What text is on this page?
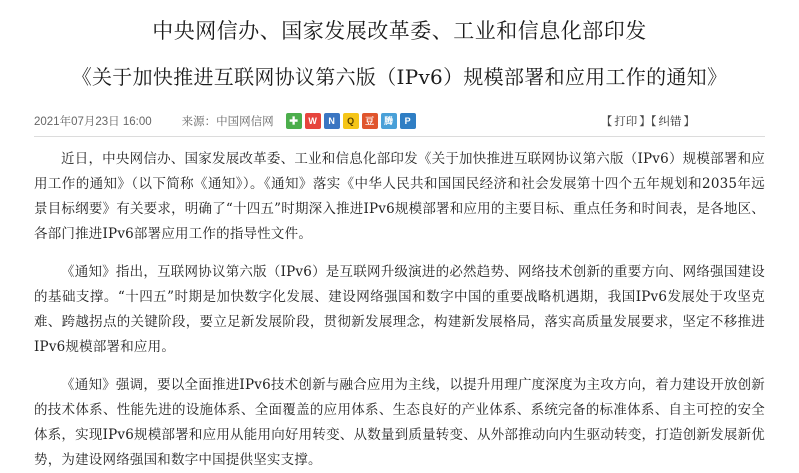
中央网信办、国家发展改革委、工业和信息化部印发
《关于加快推进互联网协议第六版（IPv6）规模部署和应用工作的通知》
2021年07月23日 16:00	来源：中国网信网	✚	W	N	Q	豆	腾	P	【 打印 】【 纠错 】

近日，中央网信办、国家发展改革委、工业和信息化部印发《关于加快推进互联网协议第六版（IPv6）规模部署和应用工作的通知》（以下简称《通知》）。《通知》落实《中华人民共和国国民经济和社会发展第十四个五年规划和2035年远景目标纲要》有关要求，明确了“十四五”时期深入推进IPv6规模部署和应用的主要目标、重点任务和时间表，是各地区、各部门推进IPv6部署应用工作的指导性文件。

《通知》指出，互联网协议第六版（IPv6）是互联网升级演进的必然趋势、网络技术创新的重要方向、网络强国建设的基础支撑。“十四五”时期是加快数字化发展、建设网络强国和数字中国的重要战略机遇期，我国IPv6发展处于攻坚克难、跨越拐点的关键阶段，要立足新发展阶段，贯彻新发展理念，构建新发展格局，落实高质量发展要求，坚定不移推进IPv6规模部署和应用。

《通知》强调，要以全面推进IPv6技术创新与融合应用为主线，以提升用理广度深度为主攻方向，着力建设开放创新的技术体系、性能先进的设施体系、全面覆盖的应用体系、生态良好的产业体系、系统完备的标准体系、自主可控的安全体系，实现IPv6规模部署和应用从能用向好用转变、从数量到质量转变、从外部推动向内生驱动转变，打造创新发展新优势，为建设网络强国和数字中国提供坚实支撑。
